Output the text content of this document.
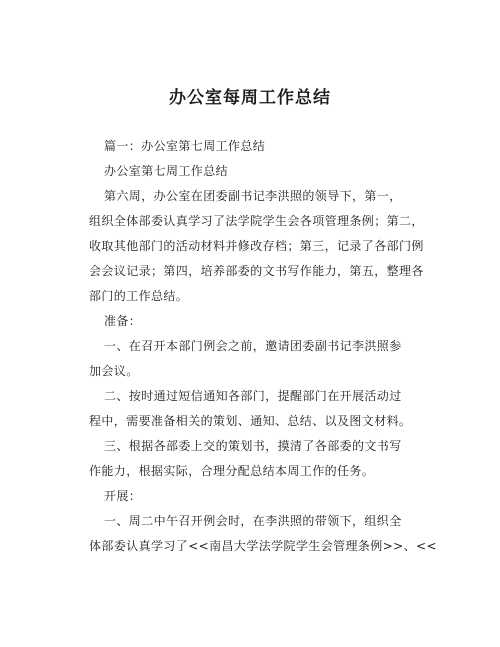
办公室每周工作总结
篇一：办公室第七周工作总结
办公室第七周工作总结
第六周，办公室在团委副书记李洪照的领导下，第一，
组织全体部委认真学习了法学院学生会各项管理条例；第二，
收取其他部门的活动材料并修改存档；第三，记录了各部门例
会会议记录；第四，培养部委的文书写作能力，第五，整理各
部门的工作总结。
准备：
一、在召开本部门例会之前，邀请团委副书记李洪照参
加会议。
二、按时通过短信通知各部门，提醒部门在开展活动过
程中，需要准备相关的策划、通知、总结、以及图文材料。
三、根据各部委上交的策划书，摸清了各部委的文书写
作能力，根据实际，合理分配总结本周工作的任务。
开展：
一、周二中午召开例会时，在李洪照的带领下，组织全
体部委认真学习了<<南昌大学法学院学生会管理条例>>、<<
